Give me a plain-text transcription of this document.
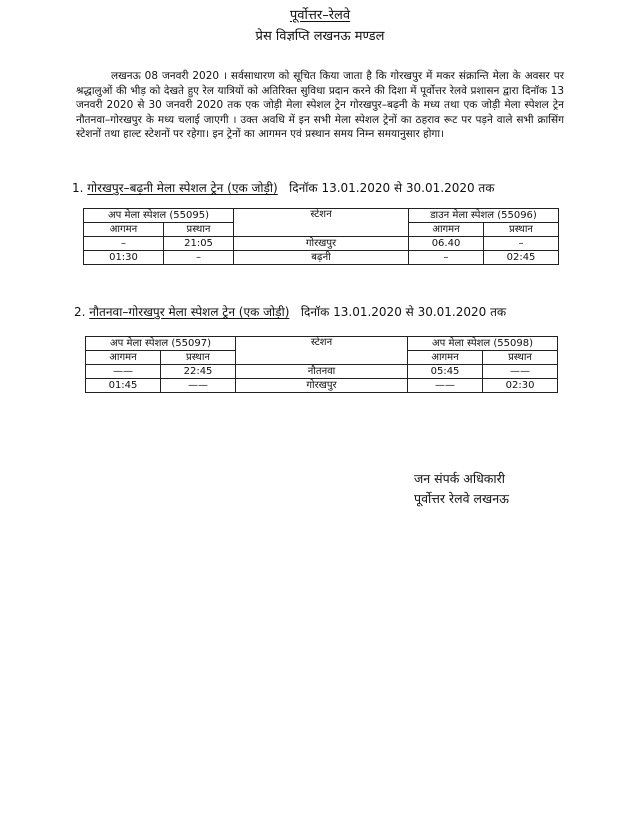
पूर्वोत्तर–रेलवे
प्रेस विज्ञप्ति लखनऊ मण्डल

लखनऊ 08 जनवरी 2020 । सर्वसाधारण को सूचित किया जाता है कि गोरखपुर में मकर संक्रान्ति मेला के अवसर पर श्रद्धालुओं की भीड़ को देखते हुए रेल यात्रियों को अतिरिक्त सुविधा प्रदान करने की दिशा में पूर्वोत्तर रेलवे प्रशासन द्वारा दिनॉक 13 जनवरी 2020 से 30 जनवरी 2020 तक एक जोड़ी मेला स्पेशल ट्रेन गोरखपुर–बढ़नी के मध्य तथा एक जोड़ी मेला स्पेशल ट्रेन नौतनवा–गोरखपुर के मध्य चलाई जाएगी । उक्त अवधि में इन सभी मेला स्पेशल ट्रेनों का ठहराव रूट पर पड़ने वाले सभी क्रासिंग स्टेशनों तथा हाल्ट स्टेशनों पर रहेगा। इन ट्रेनों का आगमन एवं प्रस्थान समय निम्न समयानुसार होगा।

1. गोरखपुर–बढ़नी मेला स्पेशल ट्रेन (एक जोड़ी) दिनॉक 13.01.2020 से 30.01.2020 तक
अप मेला स्पेशल (55095)		स्टेशन	डाउन मेला स्पेशल (55096)	
आगमन	प्रस्थान		आगमन	प्रस्थान
–	21:05	गोरखपुर	06.40	–
01:30	–	बढ़नी	–	02:45
2. नौतनवा–गोरखपुर मेला स्पेशल ट्रेन (एक जोड़ी) दिनॉक 13.01.2020 से 30.01.2020 तक
अप मेला स्पेशल (55097)		स्टेशन	अप मेला स्पेशल (55098)	
आगमन	प्रस्थान		आगमन	प्रस्थान
——	22:45	नौतनवा	05:45	——
01:45	——	गोरखपुर	——	02:30
जन संपर्क अधिकारी
पूर्वोत्तर रेलवे लखनऊ
